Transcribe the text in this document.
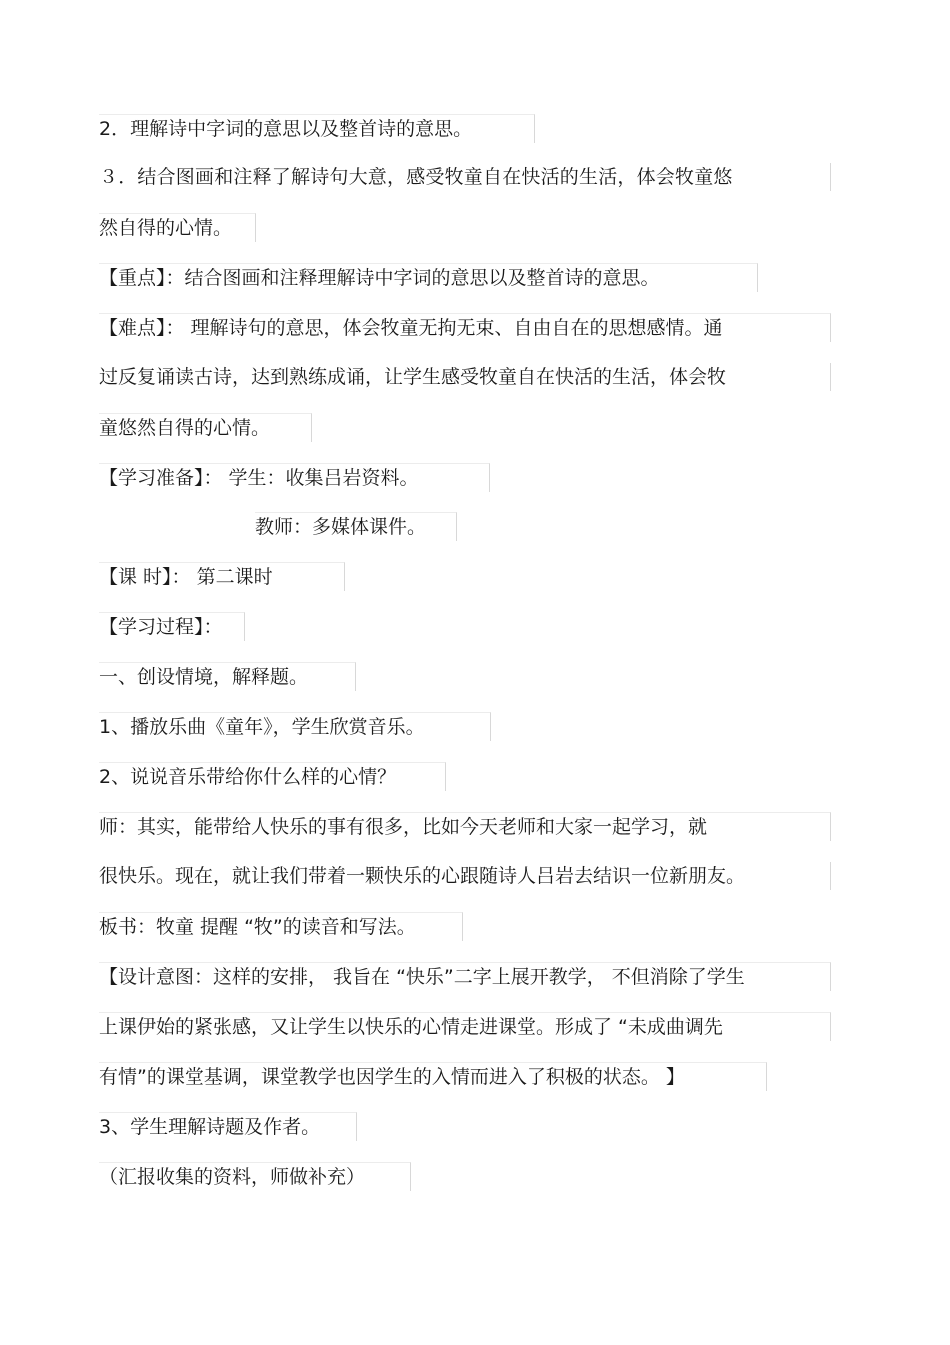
2．理解诗中字词的意思以及整首诗的意思。
３．结合图画和注释了解诗句大意，感受牧童自在快活的生活，体会牧童悠
然自得的心情。
【重点】：结合图画和注释理解诗中字词的意思以及整首诗的意思。
【难点】： 理解诗句的意思，体会牧童无拘无束、自由自在的思想感情。通
过反复诵读古诗，达到熟练成诵，让学生感受牧童自在快活的生活，体会牧
童悠然自得的心情。
【学习准备】： 学生：收集吕岩资料。
教师：多媒体课件。
【课 时】： 第二课时
【学习过程】：
一、创设情境，解释题。
1、播放乐曲《童年》，学生欣赏音乐。
2、说说音乐带给你什么样的心情？
师：其实，能带给人快乐的事有很多，比如今天老师和大家一起学习，就
很快乐。现在，就让我们带着一颗快乐的心跟随诗人吕岩去结识一位新朋友。
板书：牧童 提醒 “牧”的读音和写法。
【设计意图：这样的安排， 我旨在 “快乐”二字上展开教学， 不但消除了学生
上课伊始的紧张感，又让学生以快乐的心情走进课堂。形成了 “未成曲调先
有情”的课堂基调，课堂教学也因学生的入情而进入了积极的状态。 】
3、学生理解诗题及作者。
（汇报收集的资料，师做补充）
